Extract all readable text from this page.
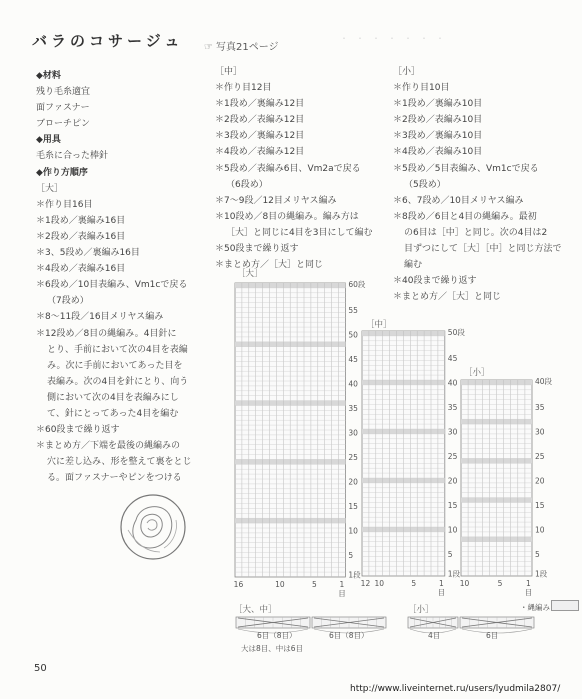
バラのコサージュ ☞ 写真21ページ
・・・・・・・
◆材料
残り毛糸適宜
面ファスナー
ブローチピン
◆用具
毛糸に合った棒針
◆作り方順序
［大］
＊作り目16目
＊1段め／裏編み16目
＊2段め／表編み16目
＊3、5段め／裏編み16目
＊4段め／表編み16目
＊6段め／10目表編み、Vm1cで戻る
（7段め）
＊8～11段／16目メリヤス編み
＊12段め／8目の縄編み。4目針に
とり、手前において次の4目を表編
み。次に手前においてあった目を
表編み。次の4目を針にとり、向う
側において次の4目を表編みにし
て、針にとってあった4目を編む
＊60段まで繰り返す
＊まとめ方／下端を最後の縄編みの
穴に差し込み、形を整えて裏をとじ
る。面ファスナーやピンをつける
［中］
＊作り目12目
＊1段め／裏編み12目
＊2段め／表編み12目
＊3段め／裏編み12目
＊4段め／表編み12目
＊5段め／表編み6目、Vm2aで戻る
（6段め）
＊7～9段／12目メリヤス編み
＊10段め／8目の縄編み。編み方は
［大］と同じに4目を3目にして編む
＊50段まで繰り返す
＊まとめ方／［大］と同じ
［小］
＊作り目10目
＊1段め／裏編み10目
＊2段め／表編み10目
＊3段め／裏編み10目
＊4段め／表編み10目
＊5段め／5目表編み、Vm1cで戻る
（5段め）
＊6、7段め／10目メリヤス編み
＊8段め／6目と4目の縄編み。最初
の6目は［中］と同じ。次の4目は2
目ずつにして［大］［中］と同じ方法で
編む
＊40段まで繰り返す
＊まとめ方／［大］と同じ
60段
55
50
45
40
35
30
25
20
15
10
5
1段
16	10	5	1
目
50段
45
40
35
30
25
20
15
10
5
1段
12 10	5	1
目
40段
35
30
25
20
15
10
5
1段
10	5	1
目
［大］
［中］
［小］
［大、中］	［小］	・縄編み
6目（8目）	6目（8目）
大は8目、中は6目
4目	6目
50
http://www.liveinternet.ru/users/lyudmila2807/
